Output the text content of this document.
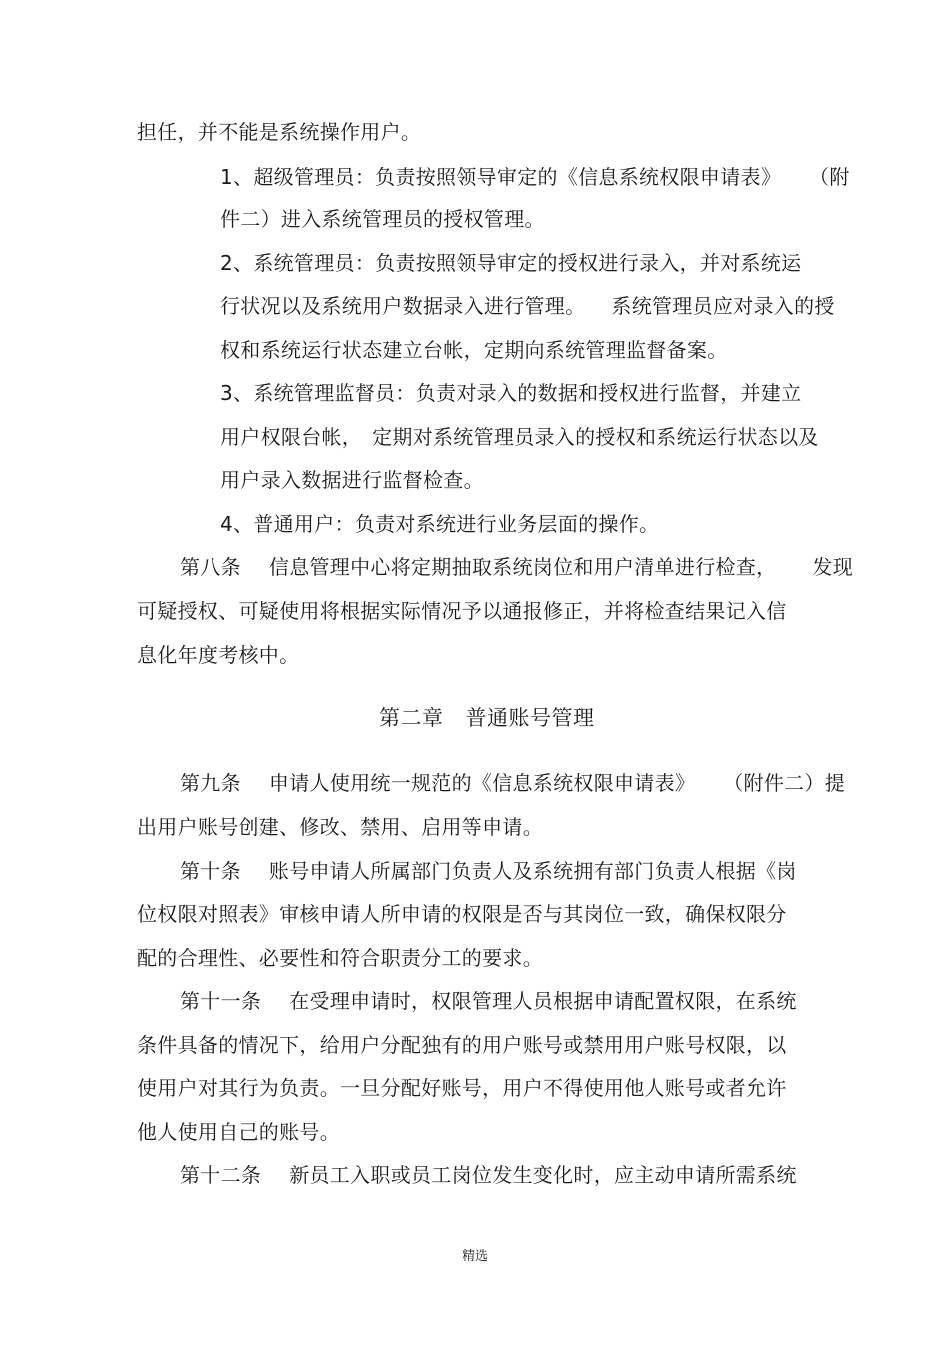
担任，并不能是系统操作用户。
1、超级管理员：负责按照领导审定的《信息系统权限申请表》 （附
件二）进入系统管理员的授权管理。
2、系统管理员：负责按照领导审定的授权进行录入，并对系统运
行状况以及系统用户数据录入进行管理。 系统管理员应对录入的授
权和系统运行状态建立台帐，定期向系统管理监督备案。
3、系统管理监督员：负责对录入的数据和授权进行监督，并建立
用户权限台帐， 定期对系统管理员录入的授权和系统运行状态以及
用户录入数据进行监督检查。
4、普通用户：负责对系统进行业务层面的操作。
第八条 信息管理中心将定期抽取系统岗位和用户清单进行检查， 发现
可疑授权、可疑使用将根据实际情况予以通报修正，并将检查结果记入信
息化年度考核中。
第二章 普通账号管理
第九条 申请人使用统一规范的《信息系统权限申请表》 （附件二）提
出用户账号创建、修改、禁用、启用等申请。
第十条 账号申请人所属部门负责人及系统拥有部门负责人根据《岗
位权限对照表》审核申请人所申请的权限是否与其岗位一致，确保权限分
配的合理性、必要性和符合职责分工的要求。
第十一条 在受理申请时，权限管理人员根据申请配置权限，在系统
条件具备的情况下，给用户分配独有的用户账号或禁用用户账号权限，以
使用户对其行为负责。一旦分配好账号，用户不得使用他人账号或者允许
他人使用自己的账号。
第十二条 新员工入职或员工岗位发生变化时，应主动申请所需系统
精选
